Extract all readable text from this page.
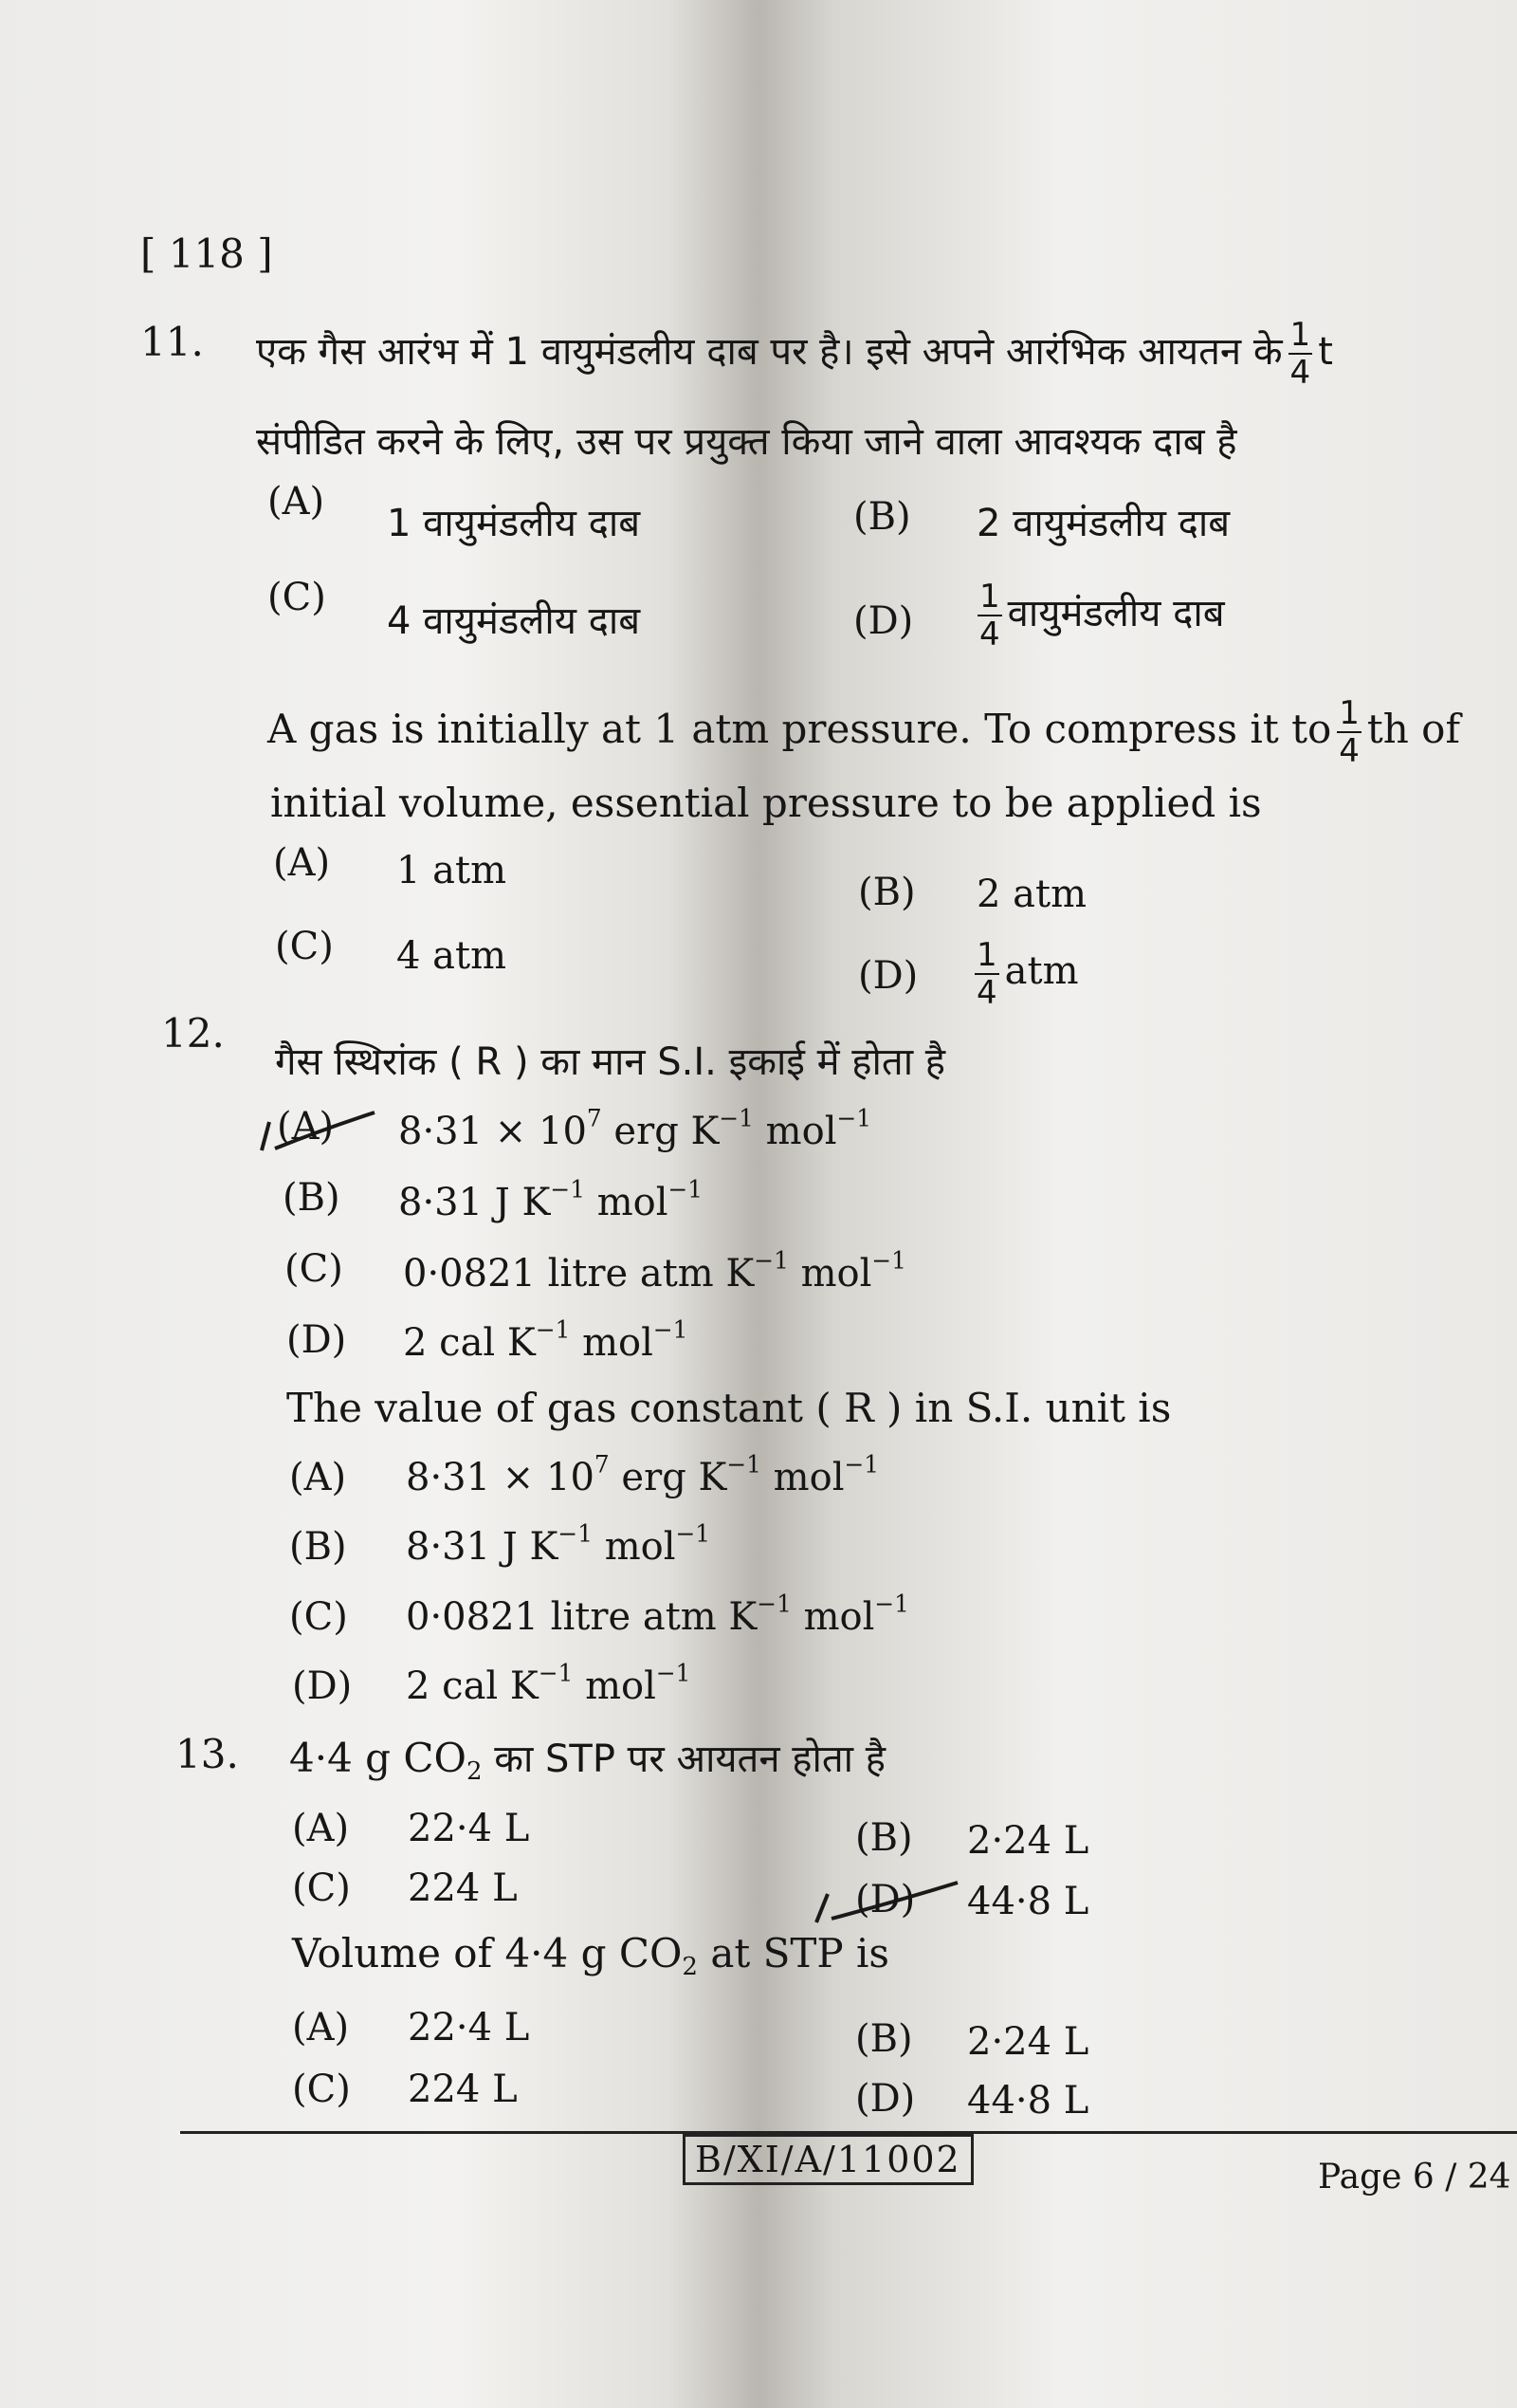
[ 118 ]
11. एक गैस आरंभ में 1 वायुमंडलीय दाब पर है। इसे अपने आरंभिक आयतन के $\frac{1}{4}$ t
संपीडित करने के लिए, उस पर प्रयुक्त किया जाने वाला आवश्यक दाब है
(A) 1 वायुमंडलीय दाब	(B) 2 वायुमंडलीय दाब
(C)
4 वायुमंडलीय दाब	$(D) \frac{1}{4}$ वायुमंडलीय दाब
A gas is initially at 1 atm pressure. To compress it to $\frac{1}{4}$ th of
initial volume, essential pressure to be applied is
(A) 1 atm	(B) 2 atm
(C) 4 atm	$(D) \frac{1}{4}$ atm
12.
गैस स्थिरांक ( R ) का मान S.I. इकाई में होता है
(A) $8\cdot 31 \times 10^7$ erg $K^{-1}$ mol$^{-1}$
(B) 8·31 J $K^{-1}$ mol$^{-1}$
(C) 0·0821 litre atm $K^{-1}$ mol$^{-1}$
(D) 2 cal $K^{-1}$ mol$^{-1}$
The value of gas constant ( R ) in S.I. unit is
(A) $8\cdot 31 \times 10^7$ erg $K^{-1}$ mol$^{-1}$
(B) 8·31 J $K^{-1}$ mol$^{-1}$
(C) 0·0821 litre atm $K^{-1}$ mol$^{-1}$
(D) 2 cal $K^{-1}$ mol$^{-1}$
13. 4·4 g $CO_2$ का STP पर आयतन होता है
(A) 22·4 L	(B) 2·24 L
(C) 224 L	(D) 44·8 L
Volume of 4·4 g $CO_2$ at STP is
(A) 22·4 L	(B) 2·24 L
(C) 224 L	(D) 44·8 L
B/XI/A/11002	Page 6 / 24
